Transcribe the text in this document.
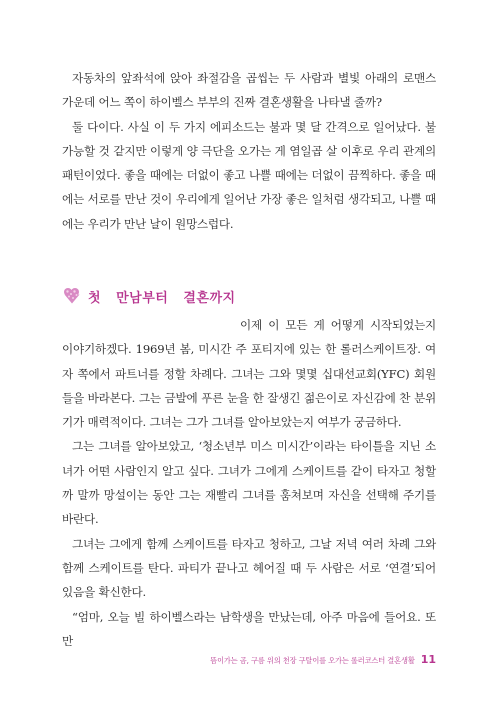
자동차의 앞좌석에 앉아 좌절감을 곱씹는 두 사람과 별빛 아래의 로맨스 가운데 어느 쪽이 하이벨스 부부의 진짜 결혼생활을 나타낼 줄까?

둘 다이다. 사실 이 두 가지 에피소드는 불과 몇 달 간격으로 일어났다. 불가능할 것 같지만 이렇게 양 극단을 오가는 게 염일곱 살 이후로 우리 관계의 패턴이었다. 좋을 때에는 더없이 좋고 나쁠 때에는 더없이 끔찍하다. 좋을 때에는 서로를 만난 것이 우리에게 일어난 가장 좋은 일처럼 생각되고, 나쁠 때에는 우리가 만난 날이 원망스럽다.

첫 만남부터 결혼까지

이제 이 모든 게 어떻게 시작되었는지 이야기하겠다. 1969년 봄, 미시간 주 포티지에 있는 한 롤러스케이트장. 여자 쪽에서 파트너를 정할 차례다. 그녀는 그와 몇몇 십대선교회(YFC) 회원들을 바라본다. 그는 금발에 푸른 눈을 한 잘생긴 젊은이로 자신감에 찬 분위기가 매력적이다. 그녀는 그가 그녀를 알아보았는지 여부가 궁금하다.

그는 그녀를 알아보았고, ‘청소년부 미스 미시간’이라는 타이틀을 지닌 소녀가 어떤 사람인지 알고 싶다. 그녀가 그에게 스케이트를 같이 타자고 청할까 말까 망설이는 동안 그는 재빨리 그녀를 훔쳐보며 자신을 선택해 주기를 바란다.

그녀는 그에게 함께 스케이트를 타자고 청하고, 그날 저녁 여러 차례 그와 함께 스케이트를 탄다. 파티가 끝나고 헤어질 때 두 사람은 서로 ‘연결’되어 있음을 확신한다.

“엄마, 오늘 빌 하이벨스라는 남학생을 만났는데, 아주 마음에 들어요. 또 만

뜸이가는 곰, 구름 위의 천장 구탈이를 오가는 롤러코스터 결혼생활 11
